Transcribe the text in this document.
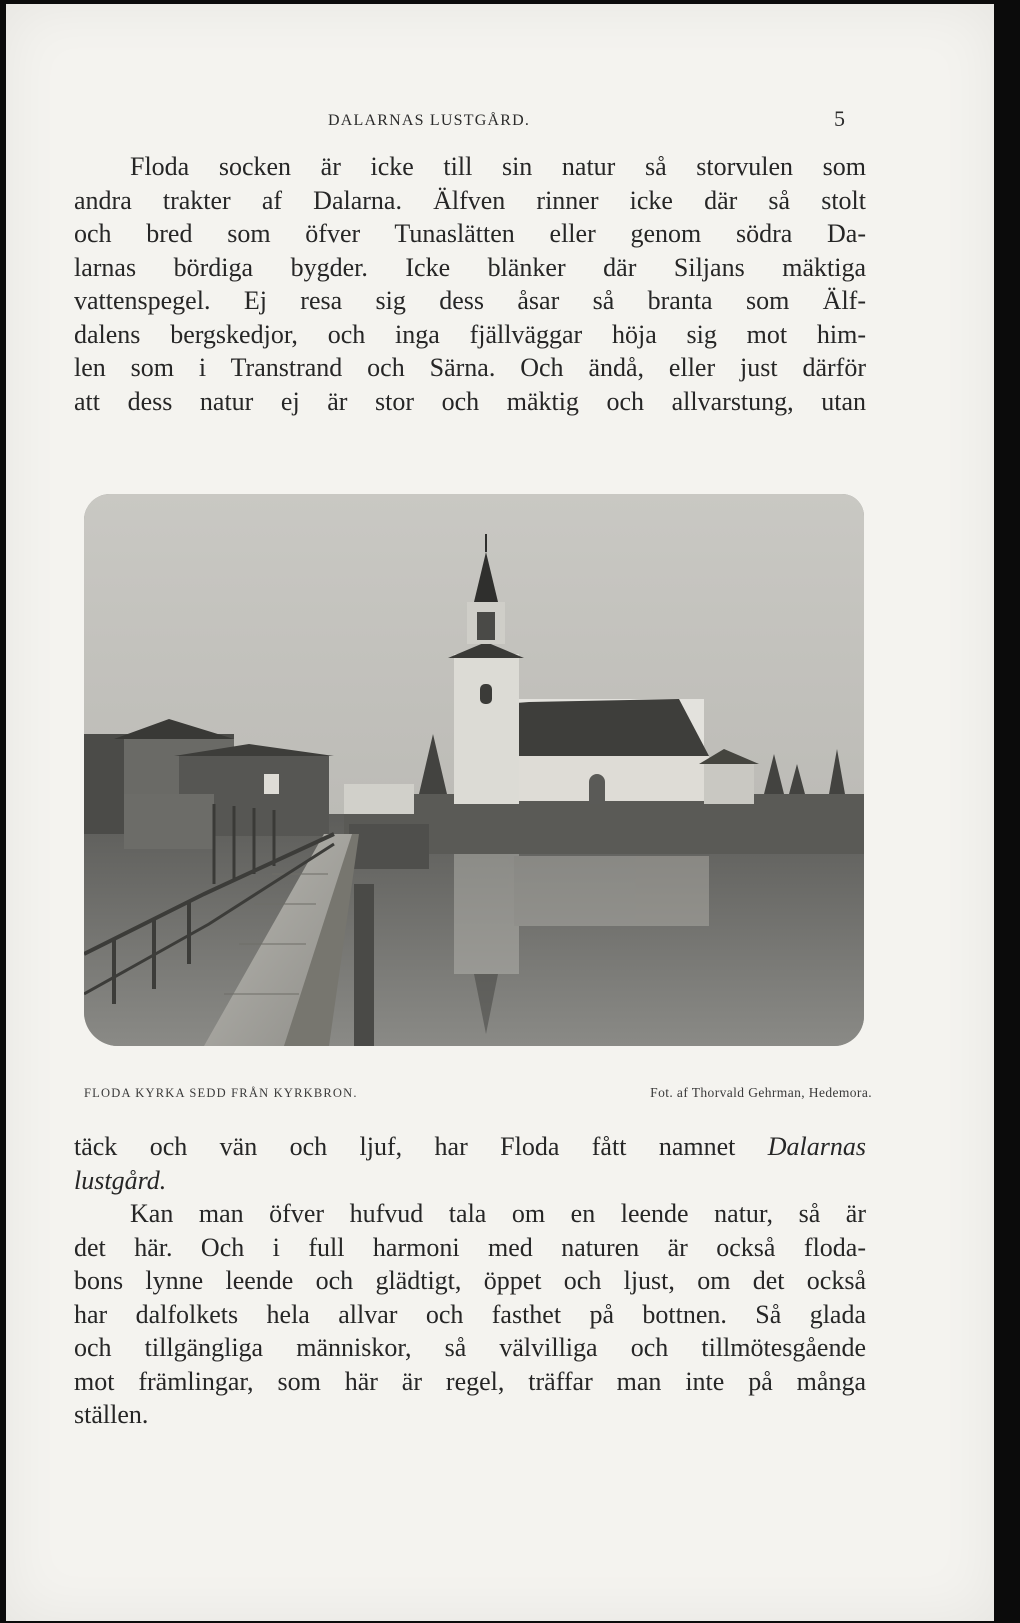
DALARNAS LUSTGÅRD.	5
Floda socken är icke till sin natur så storvulen som
andra trakter af Dalarna. Älfven rinner icke där så stolt
och bred som öfver Tunaslätten eller genom södra Da-
larnas bördiga bygder. Icke blänker där Siljans mäktiga
vattenspegel. Ej resa sig dess åsar så branta som Älf-
dalens bergskedjor, och inga fjällväggar höja sig mot him-
len som i Transtrand och Särna. Och ändå, eller just därför
att dess natur ej är stor och mäktig och allvarstung, utan
FLODA KYRKA SEDD FRÅN KYRKBRON.	Fot. af Thorvald Gehrman, Hedemora.
täck och vän och ljuf, har Floda fått namnet Dalarnas
lustgård.
Kan man öfver hufvud tala om en leende natur, så är
det här. Och i full harmoni med naturen är också floda-
bons lynne leende och glädtigt, öppet och ljust, om det också
har dalfolkets hela allvar och fasthet på bottnen. Så glada
och tillgängliga människor, så välvilliga och tillmötesgående
mot främlingar, som här är regel, träffar man inte på många
ställen.
